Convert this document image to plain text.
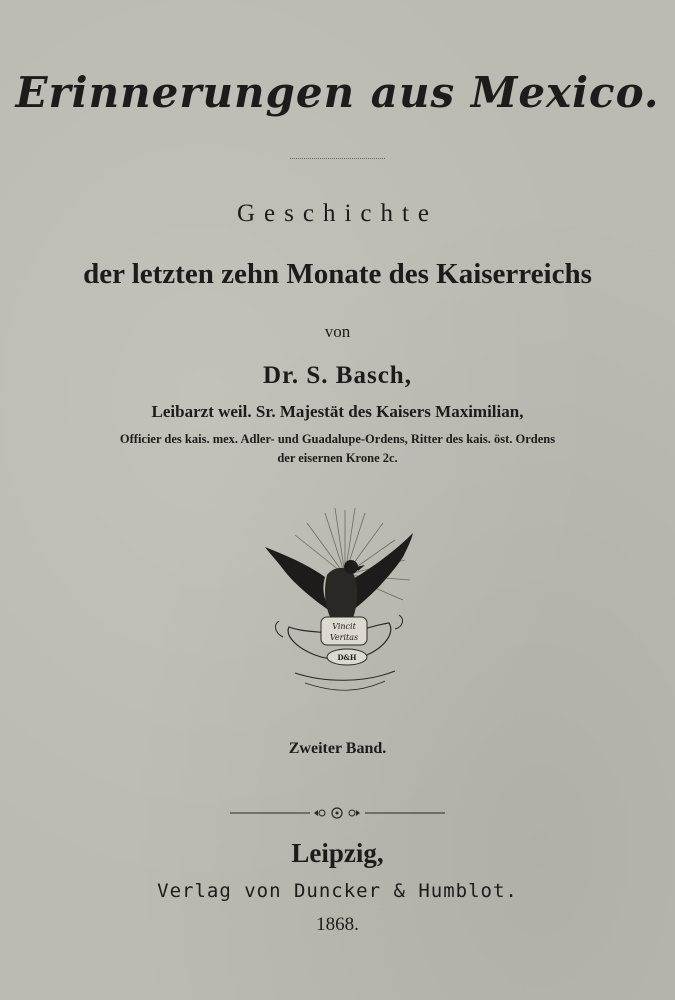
Erinnerungen aus Mexico.
Geschichte
der letzten zehn Monate des Kaiserreichs
von
Dr. S. Basch,
Leibarzt weil. Sr. Majestät des Kaisers Maximilian,
Officier des kais. mex. Adler- und Guadalupe-Ordens, Ritter des kais. öst. Ordens
der eisernen Krone 2c.
Vincit
Veritas
D&H
Zweiter Band.
Leipzig,
Verlag von Duncker & Humblot.
1868.
